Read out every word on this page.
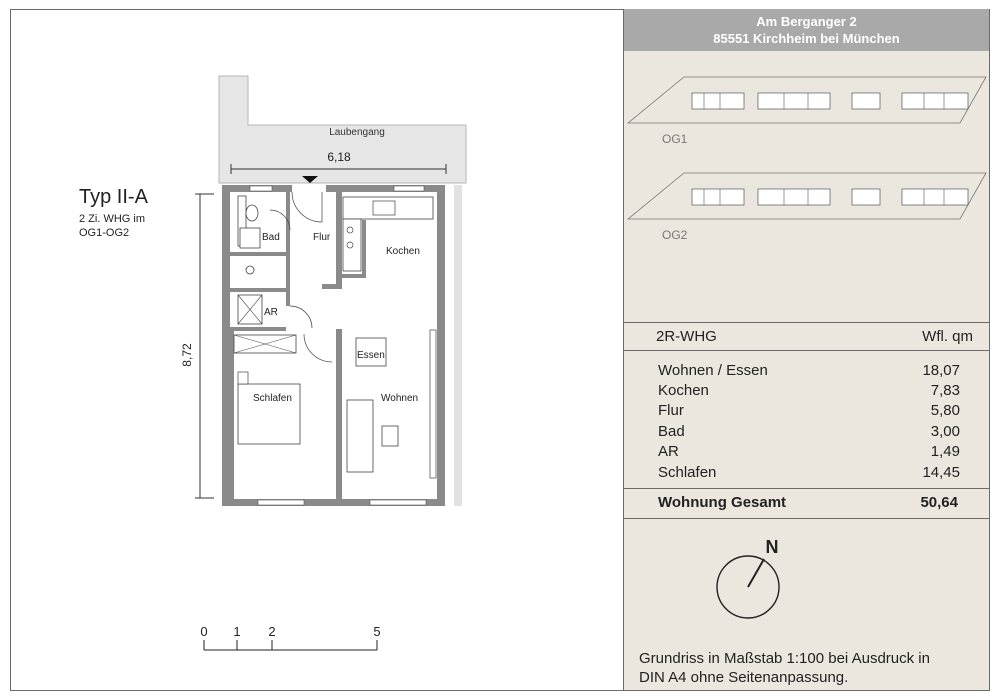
Typ II-A
2 Zi. WHG im
OG1-OG2
Laubengang
6,18
8,72
Bad	Flur
Kochen
AR
Essen
Schlafen	Wohnen
0 1 2	5
Am Berganger 2
85551 Kirchheim bei München
OG1
OG2
2R-WHG	Wfl. qm
Wohnen / Essen	18,07
Kochen	7,83
Flur	5,80
Bad	3,00
AR	1,49
Schlafen	14,45
Wohnung Gesamt	50,64
N
Grundriss in Maßstab 1:100 bei Ausdruck in
DIN A4 ohne Seitenanpassung.
